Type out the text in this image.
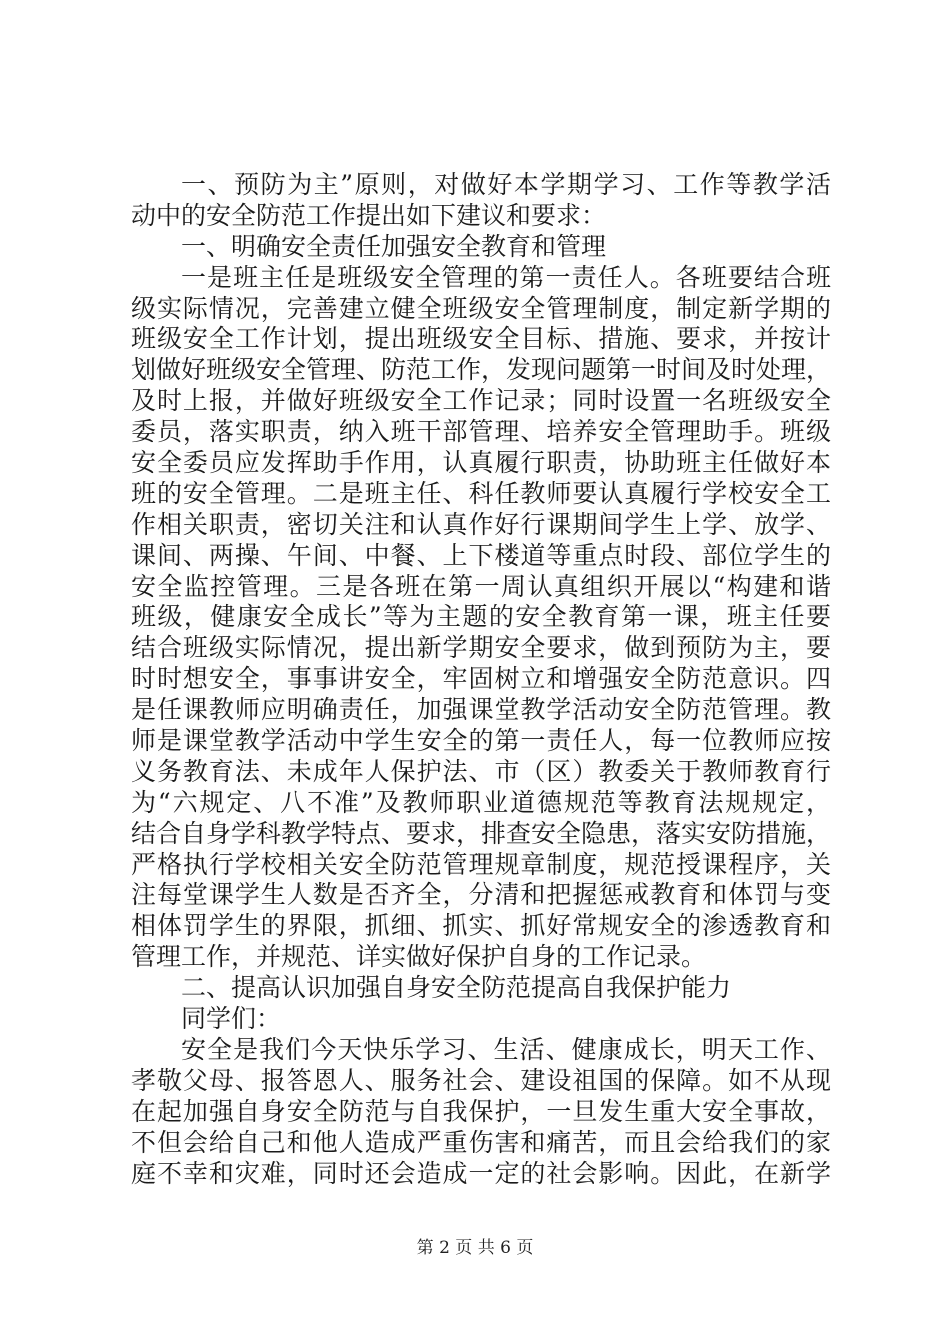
一、预防为主”原则，对做好本学期学习、工作等教学活
动中的安全防范工作提出如下建议和要求：
一、明确安全责任加强安全教育和管理
一是班主任是班级安全管理的第一责任人。各班要结合班
级实际情况，完善建立健全班级安全管理制度，制定新学期的
班级安全工作计划，提出班级安全目标、措施、要求，并按计
划做好班级安全管理、防范工作，发现问题第一时间及时处理，
及时上报，并做好班级安全工作记录；同时设置一名班级安全
委员，落实职责，纳入班干部管理、培养安全管理助手。班级
安全委员应发挥助手作用，认真履行职责，协助班主任做好本
班的安全管理。二是班主任、科任教师要认真履行学校安全工
作相关职责，密切关注和认真作好行课期间学生上学、放学、
课间、两操、午间、中餐、上下楼道等重点时段、部位学生的
安全监控管理。三是各班在第一周认真组织开展以“构建和谐
班级，健康安全成长”等为主题的安全教育第一课，班主任要
结合班级实际情况，提出新学期安全要求，做到预防为主，要
时时想安全，事事讲安全，牢固树立和增强安全防范意识。四
是任课教师应明确责任，加强课堂教学活动安全防范管理。教
师是课堂教学活动中学生安全的第一责任人，每一位教师应按
义务教育法、未成年人保护法、市（区）教委关于教师教育行
为“六规定、八不准”及教师职业道德规范等教育法规规定，
结合自身学科教学特点、要求，排查安全隐患，落实安防措施，
严格执行学校相关安全防范管理规章制度，规范授课程序，关
注每堂课学生人数是否齐全，分清和把握惩戒教育和体罚与变
相体罚学生的界限，抓细、抓实、抓好常规安全的渗透教育和
管理工作，并规范、详实做好保护自身的工作记录。
二、提高认识加强自身安全防范提高自我保护能力
同学们：
安全是我们今天快乐学习、生活、健康成长，明天工作、
孝敬父母、报答恩人、服务社会、建设祖国的保障。如不从现
在起加强自身安全防范与自我保护，一旦发生重大安全事故，
不但会给自己和他人造成严重伤害和痛苦，而且会给我们的家
庭不幸和灾难，同时还会造成一定的社会影响。因此，在新学
第 2 页 共 6 页
